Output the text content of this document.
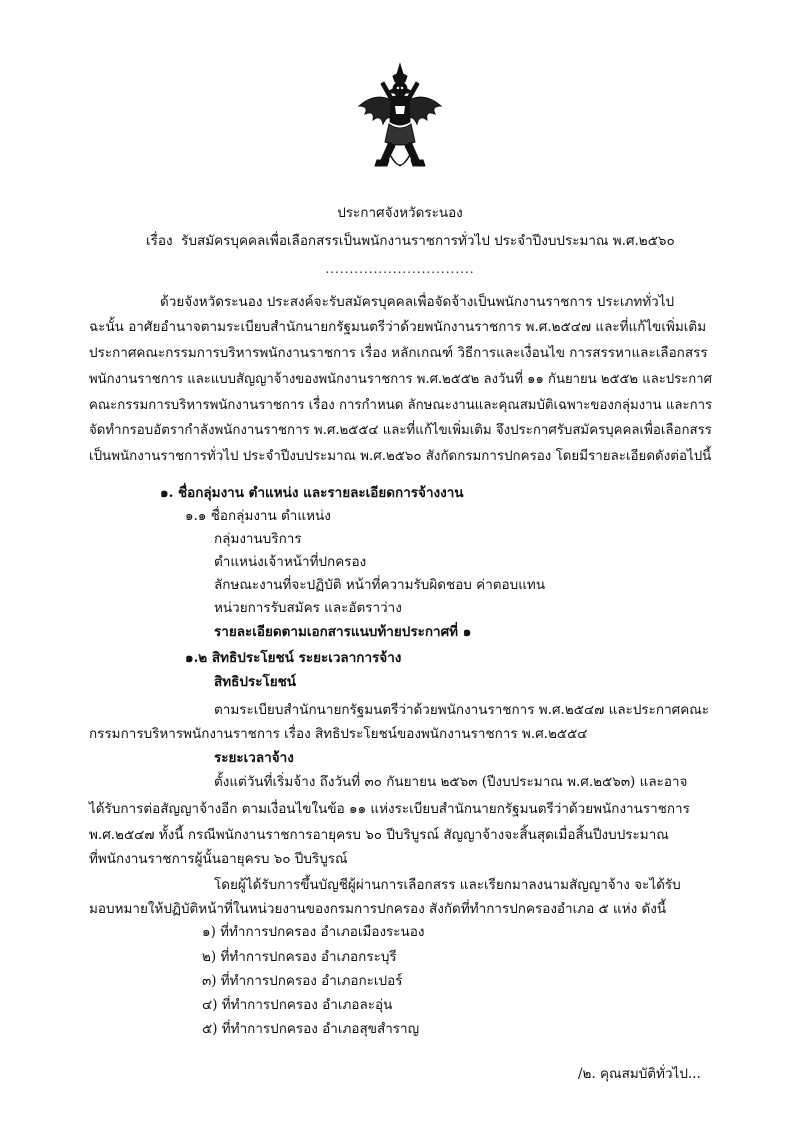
ประกาศจังหวัดระนอง
เรื่อง รับสมัครบุคคลเพื่อเลือกสรรเป็นพนักงานราชการทั่วไป ประจำปีงบประมาณ พ.ศ.๒๕๖๐
...............................
ด้วยจังหวัดระนอง ประสงค์จะรับสมัครบุคคลเพื่อจัดจ้างเป็นพนักงานราชการ ประเภททั่วไป
ฉะนั้น อาศัยอำนาจตามระเบียบสำนักนายกรัฐมนตรีว่าด้วยพนักงานราชการ พ.ศ.๒๕๔๗ และที่แก้ไขเพิ่มเติม
ประกาศคณะกรรมการบริหารพนักงานราชการ เรื่อง หลักเกณฑ์ วิธีการและเงื่อนไข การสรรหาและเลือกสรร
พนักงานราชการ และแบบสัญญาจ้างของพนักงานราชการ พ.ศ.๒๕๕๒ ลงวันที่ ๑๑ กันยายน ๒๕๕๒ และประกาศ
คณะกรรมการบริหารพนักงานราชการ เรื่อง การกำหนด ลักษณะงานและคุณสมบัติเฉพาะของกลุ่มงาน และการ
จัดทำกรอบอัตรากำลังพนักงานราชการ พ.ศ.๒๕๕๔ และที่แก้ไขเพิ่มเติม จึงประกาศรับสมัครบุคคลเพื่อเลือกสรร
เป็นพนักงานราชการทั่วไป ประจำปีงบประมาณ พ.ศ.๒๕๖๐ สังกัดกรมการปกครอง โดยมีรายละเอียดดังต่อไปนี้
๑. ชื่อกลุ่มงาน ตำแหน่ง และรายละเอียดการจ้างงาน
๑.๑ ชื่อกลุ่มงาน ตำแหน่ง
กลุ่มงานบริการ
ตำแหน่งเจ้าหน้าที่ปกครอง
ลักษณะงานที่จะปฏิบัติ หน้าที่ความรับผิดชอบ ค่าตอบแทน
หน่วยการรับสมัคร และอัตราว่าง
รายละเอียดตามเอกสารแนบท้ายประกาศที่ ๑
๑.๒ สิทธิประโยชน์ ระยะเวลาการจ้าง
สิทธิประโยชน์
ตามระเบียบสำนักนายกรัฐมนตรีว่าด้วยพนักงานราชการ พ.ศ.๒๕๔๗ และประกาศคณะ
กรรมการบริหารพนักงานราชการ เรื่อง สิทธิประโยชน์ของพนักงานราชการ พ.ศ.๒๕๕๔
ระยะเวลาจ้าง
ตั้งแต่วันที่เริ่มจ้าง ถึงวันที่ ๓๐ กันยายน ๒๕๖๓ (ปีงบประมาณ พ.ศ.๒๕๖๓) และอาจ
ได้รับการต่อสัญญาจ้างอีก ตามเงื่อนไขในข้อ ๑๑ แห่งระเบียบสำนักนายกรัฐมนตรีว่าด้วยพนักงานราชการ
พ.ศ.๒๕๔๗ ทั้งนี้ กรณีพนักงานราชการอายุครบ ๖๐ ปีบริบูรณ์ สัญญาจ้างจะสิ้นสุดเมื่อสิ้นปีงบประมาณ
ที่พนักงานราชการผู้นั้นอายุครบ ๖๐ ปีบริบูรณ์
โดยผู้ได้รับการขึ้นบัญชีผู้ผ่านการเลือกสรร และเรียกมาลงนามสัญญาจ้าง จะได้รับ
มอบหมายให้ปฏิบัติหน้าที่ในหน่วยงานของกรมการปกครอง สังกัดที่ทำการปกครองอำเภอ ๕ แห่ง ดังนี้
๑) ที่ทำการปกครอง อำเภอเมืองระนอง
๒) ที่ทำการปกครอง อำเภอกระบุรี
๓) ที่ทำการปกครอง อำเภอกะเปอร์
๔) ที่ทำการปกครอง อำเภอละอุ่น
๕) ที่ทำการปกครอง อำเภอสุขสำราญ
/๒. คุณสมบัติทั่วไป...
